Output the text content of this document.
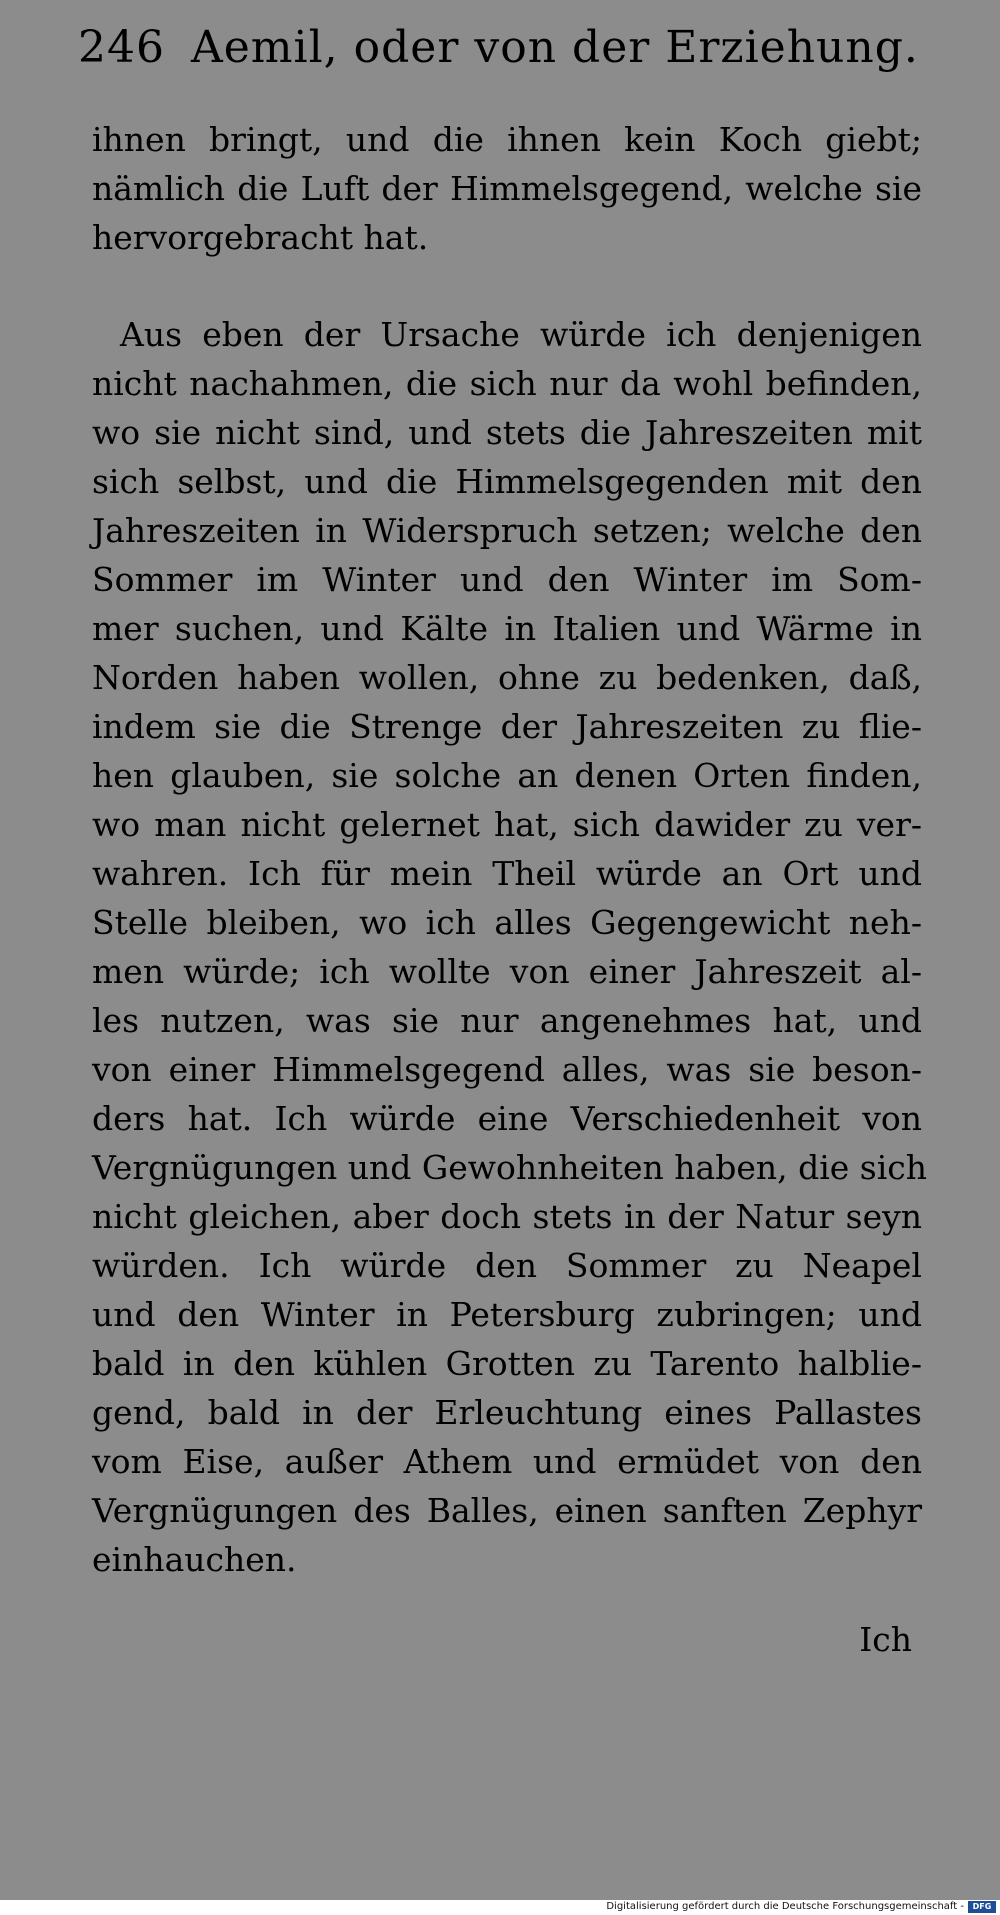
246 Aemil, oder von der Erziehung.
ihnen bringt, und die ihnen kein Koch giebt;
nämlich die Luft der Himmelsgegend, welche sie
hervorgebracht hat.
Aus eben der Ursache würde ich denjenigen
nicht nachahmen, die sich nur da wohl befinden,
wo sie nicht sind, und stets die Jahreszeiten mit
sich selbst, und die Himmelsgegenden mit den
Jahreszeiten in Widerspruch setzen; welche den
Sommer im Winter und den Winter im Som-
mer suchen, und Kälte in Italien und Wärme in
Norden haben wollen, ohne zu bedenken, daß,
indem sie die Strenge der Jahreszeiten zu flie-
hen glauben, sie solche an denen Orten finden,
wo man nicht gelernet hat, sich dawider zu ver-
wahren. Ich für mein Theil würde an Ort und
Stelle bleiben, wo ich alles Gegengewicht neh-
men würde; ich wollte von einer Jahreszeit al-
les nutzen, was sie nur angenehmes hat, und
von einer Himmelsgegend alles, was sie beson-
ders hat. Ich würde eine Verschiedenheit von
Vergnügungen und Gewohnheiten haben, die sich
nicht gleichen, aber doch stets in der Natur seyn
würden. Ich würde den Sommer zu Neapel
und den Winter in Petersburg zubringen; und
bald in den kühlen Grotten zu Tarento halblie-
gend, bald in der Erleuchtung eines Pallastes
vom Eise, außer Athem und ermüdet von den
Vergnügungen des Balles, einen sanften Zephyr
einhauchen.
Ich
Digitalisierung gefördert durch die Deutsche Forschungsgemeinschaft -	DFG
